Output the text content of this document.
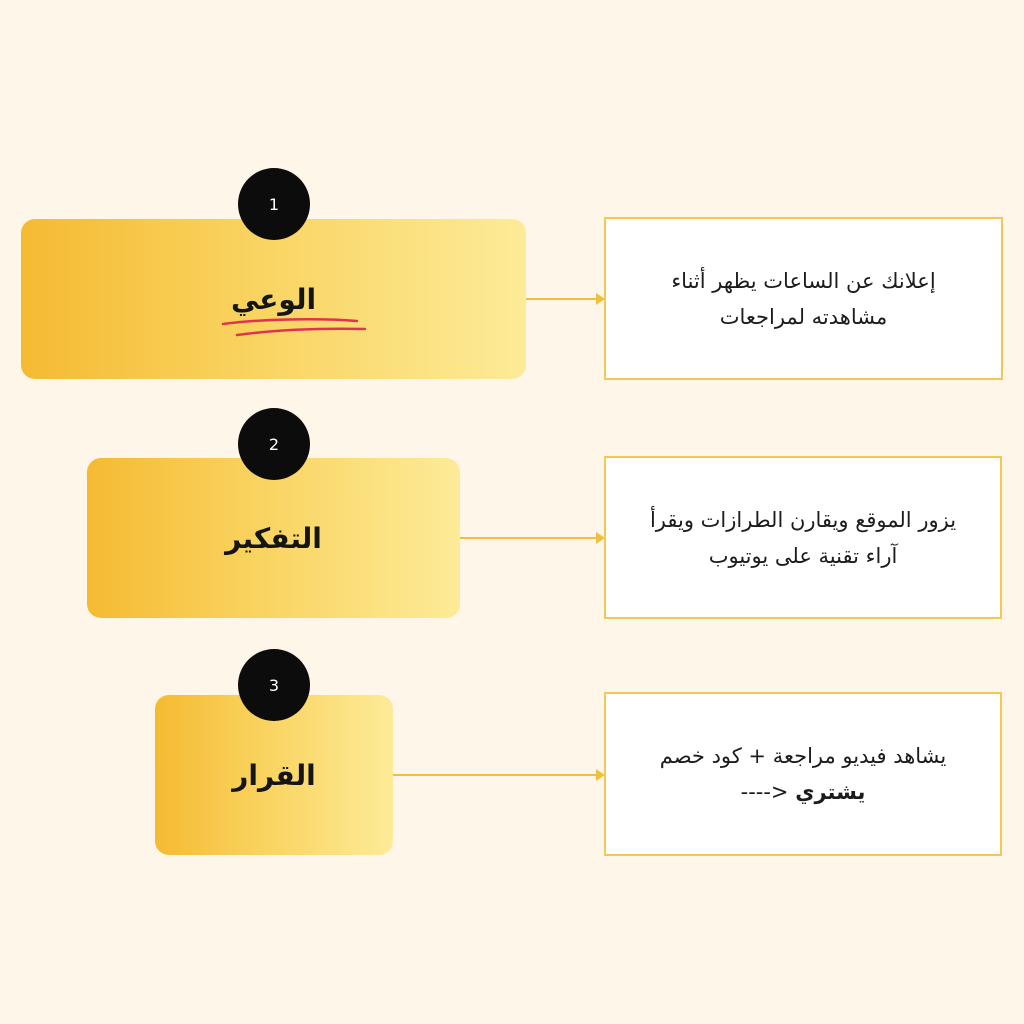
الوعي
1
إعلانك عن الساعات يظهر أثناء
مشاهدته لمراجعات
التفكير
2
يزور الموقع ويقارن الطرازات ويقرأ
آراء تقنية على يوتيوب
القرار
3
يشاهد فيديو مراجعة + كود خصم
يشتري ---->
